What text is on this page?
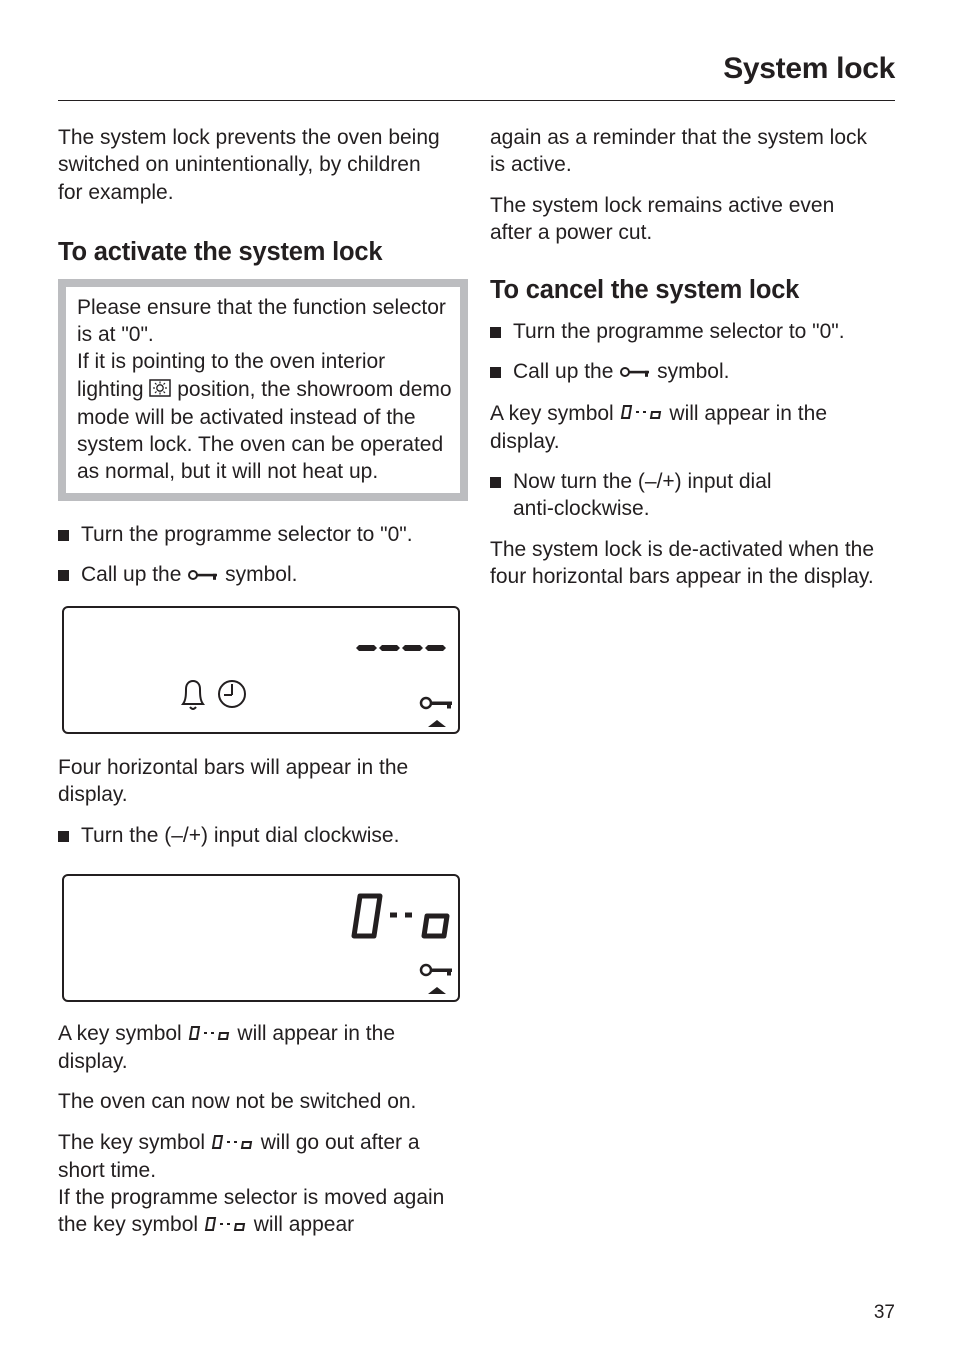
System lock

The system lock prevents the oven being switched on unintentionally, by children for example.

To activate the system lock

Please ensure that the function selector is at "0".

If it is pointing to the oven interior lighting position, the showroom demo mode will be activated instead of the system lock. The oven can be operated as normal, but it will not heat up.

Turn the programme selector to "0".
Call up the symbol.

Four horizontal bars will appear in the display.

Turn the (–/+) input dial clockwise.

A key symbol	will appear in the display.

The oven can now not be switched on.

The key symbol	will go out after a short time.

If the programme selector is moved again the key symbol	will appear

again as a reminder that the system lock is active.

The system lock remains active even after a power cut.

To cancel the system lock
Turn the programme selector to "0".
Call up the symbol.

A key symbol	will appear in the display.

Now turn the (–/+) input dial anti-clockwise.

The system lock is de-activated when the four horizontal bars appear in the display.

37
